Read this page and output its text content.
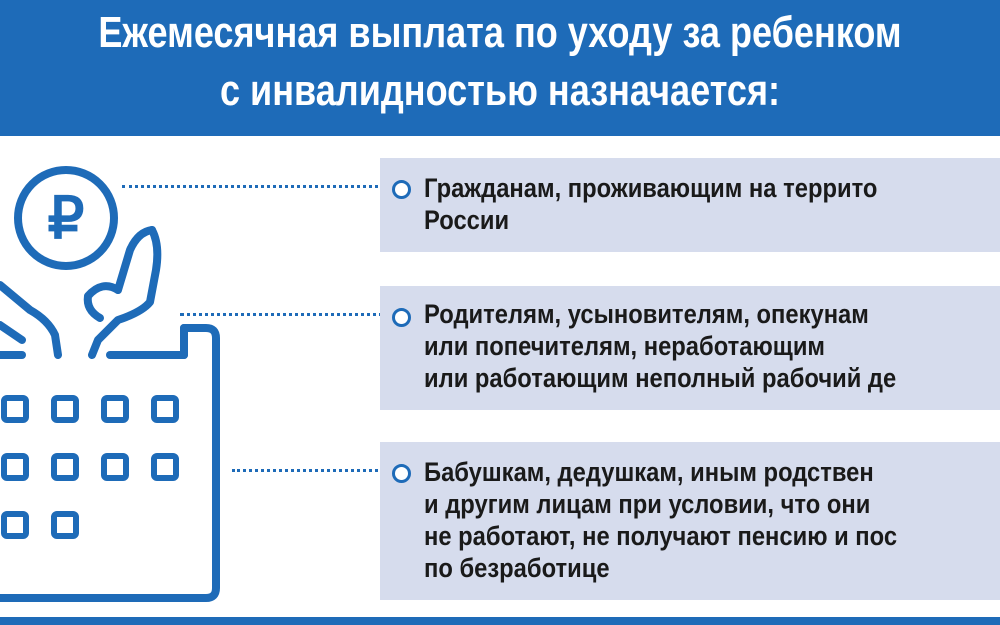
Ежемесячная выплата по уходу за ребенком
с инвалидностью назначается:
₽	Гражданам, проживающим на террито
России
Родителям, усыновителям, опекунам
или попечителям, неработающим
или работающим неполный рабочий де
Бабушкам, дедушкам, иным родствен
и другим лицам при условии, что они
не работают, не получают пенсию и пос
по безработице
